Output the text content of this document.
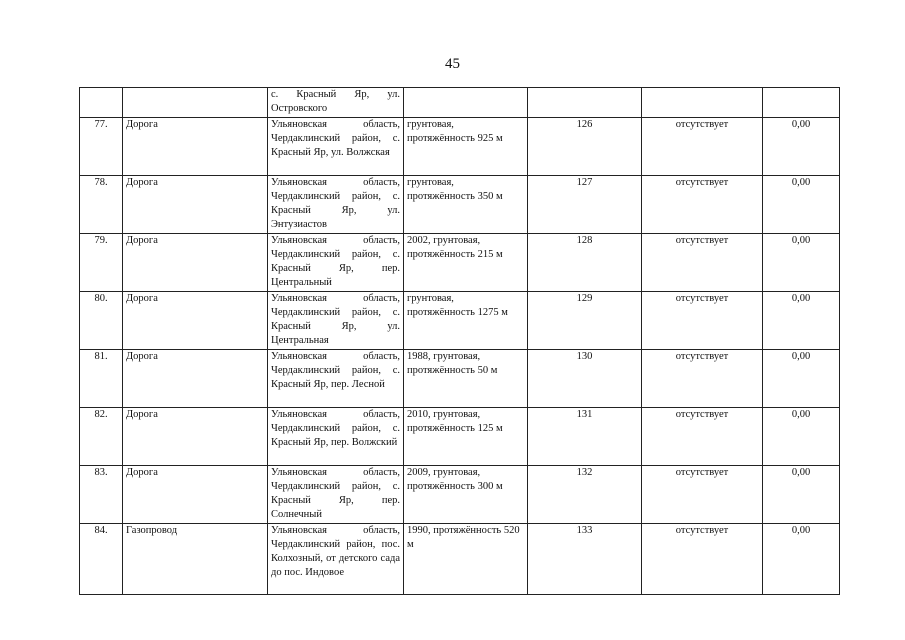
45
		с. Красный Яр, ул. Островского				
77.	Дорога	Ульяновская область, Чердаклинский район, с. Красный Яр, ул. Волжская	грунтовая, протяжённость 925 м	126	отсутствует	0,00
78.	Дорога	Ульяновская область, Чердаклинский район, с. Красный Яр, ул. Энтузиастов	грунтовая, протяжённость 350 м	127	отсутствует	0,00
79.	Дорога	Ульяновская область, Чердаклинский район, с. Красный Яр, пер. Центральный	2002, грунтовая, протяжённость 215 м	128	отсутствует	0,00
80.	Дорога	Ульяновская область, Чердаклинский район, с. Красный Яр, ул. Центральная	грунтовая, протяжённость 1275 м	129	отсутствует	0,00
81.	Дорога	Ульяновская область, Чердаклинский район, с. Красный Яр, пер. Лесной	1988, грунтовая, протяжённость 50 м	130	отсутствует	0,00
82.	Дорога	Ульяновская область, Чердаклинский район, с. Красный Яр, пер. Волжский	2010, грунтовая, протяжённость 125 м	131	отсутствует	0,00
83.	Дорога	Ульяновская область, Чердаклинский район, с. Красный Яр, пер. Солнечный	2009, грунтовая, протяжённость 300 м	132	отсутствует	0,00
84.	Газопровод	Ульяновская область, Чердаклинский район, пос. Колхозный, от детского сада до пос. Индовое	1990, протяжённость 520 м	133	отсутствует	0,00
